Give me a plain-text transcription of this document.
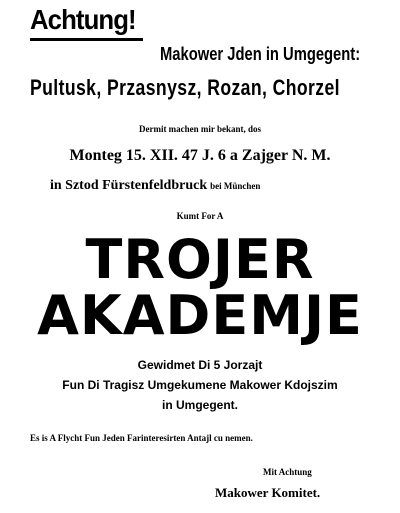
Achtung!

Makower Jden in Umgegent:

Pultusk, Przasnysz, Rozan, Chorzel

Dermit machen mir bekant, dos

Monteg 15. XII. 47 J. 6 a Zajger N. M.

in Sztod Fürstenfeldbruck bei München

Kumt For A

TROJER

AKADEMJE

Gewidmet Di 5 Jorzajt

Fun Di Tragisz Umgekumene Makower Kdojszim

in Umgegent.

Es is A Flycht Fun Jeden Farinteresirten Antajl cu nemen.

Mit Achtung

Makower Komitet.
